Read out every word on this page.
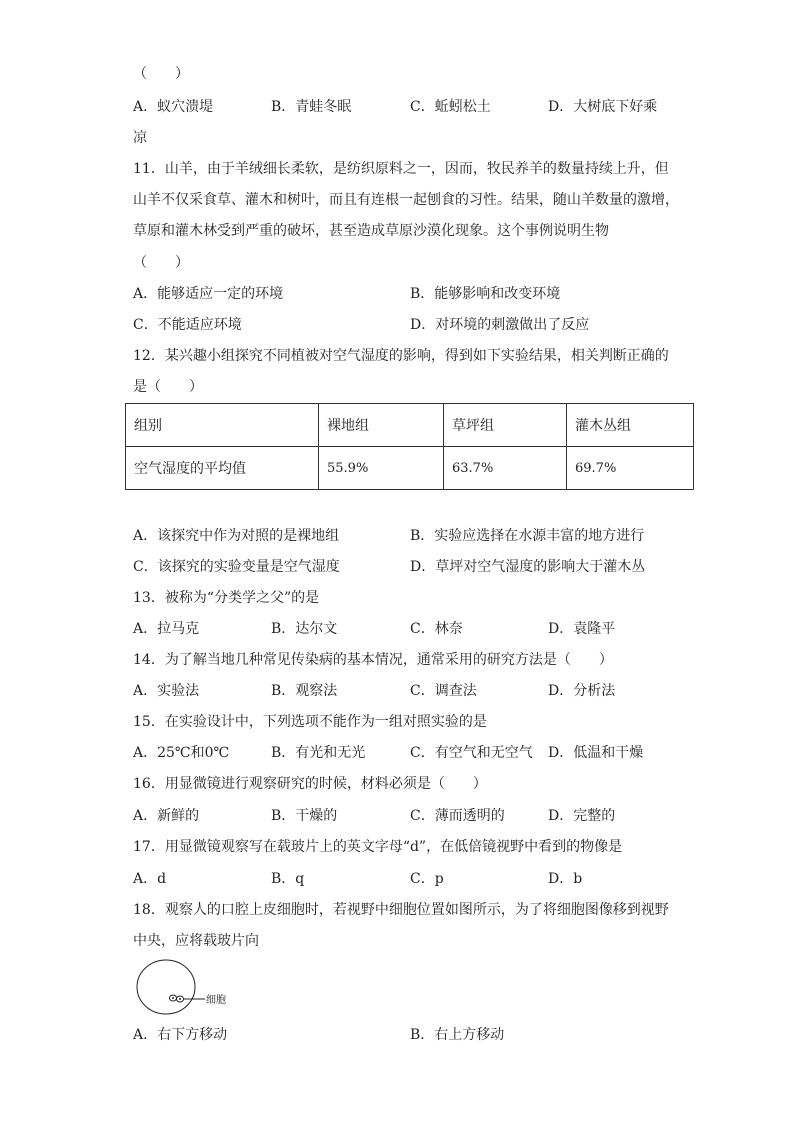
（　　）
A．蚁穴溃堤	B．青蛙冬眠	C．蚯蚓松土	D．大树底下好乘
凉
11．山羊，由于羊绒细长柔软，是纺织原料之一，因而，牧民养羊的数量持续上升，但
山羊不仅采食草、灌木和树叶，而且有连根一起刨食的习性。结果，随山羊数量的激增，
草原和灌木林受到严重的破坏，甚至造成草原沙漠化现象。这个事例说明生物
（　　）
A．能够适应一定的环境	B．能够影响和改变环境
C．不能适应环境	D．对环境的刺激做出了反应
12．某兴趣小组探究不同植被对空气湿度的影响，得到如下实验结果，相关判断正确的
是（　　）
组别	裸地组	草坪组	灌木丛组
空气湿度的平均值	55.9%	63.7%	69.7%
A．该探究中作为对照的是裸地组	B．实验应选择在水源丰富的地方进行
C．该探究的实验变量是空气湿度	D．草坪对空气湿度的影响大于灌木丛
13．被称为“分类学之父”的是
A．拉马克	B．达尔文	C．林奈	D．袁隆平
14．为了解当地几种常见传染病的基本情况，通常采用的研究方法是（　　）
A．实验法	B．观察法	C．调查法	D．分析法
15．在实验设计中，下列选项不能作为一组对照实验的是
A．25℃和0℃	B．有光和无光	C．有空气和无空气 D．低温和干燥
16．用显微镜进行观察研究的时候，材料必须是（　　）
A．新鲜的	B．干燥的	C．薄而透明的	D．完整的
17．用显微镜观察写在载玻片上的英文字母“d”，在低倍镜视野中看到的物像是
A．d	B．q	C．p	D．b
18．观察人的口腔上皮细胞时，若视野中细胞位置如图所示，为了将细胞图像移到视野
中央，应将载玻片向
细胞
A．右下方移动	B．右上方移动
